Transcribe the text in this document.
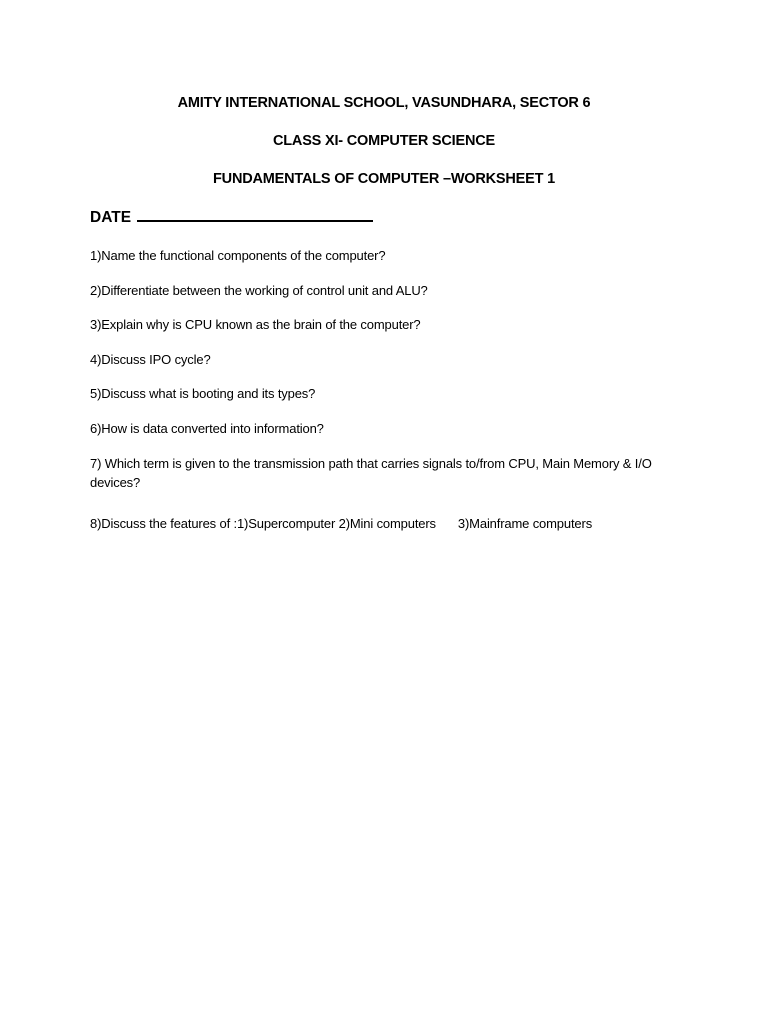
AMITY INTERNATIONAL SCHOOL, VASUNDHARA, SECTOR 6
CLASS XI- COMPUTER SCIENCE
FUNDAMENTALS OF COMPUTER –WORKSHEET 1
DATE
1)Name the functional components of the computer?
2)Differentiate between the working of control unit and ALU?
3)Explain why is CPU known as the brain of the computer?
4)Discuss IPO cycle?
5)Discuss what is booting and its types?
6)How is data converted into information?
7) Which term is given to the transmission path that carries signals to/from CPU, Main Memory & I/O devices?
8)Discuss the features of :1)Supercomputer 2)Mini computers 3)Mainframe computers
